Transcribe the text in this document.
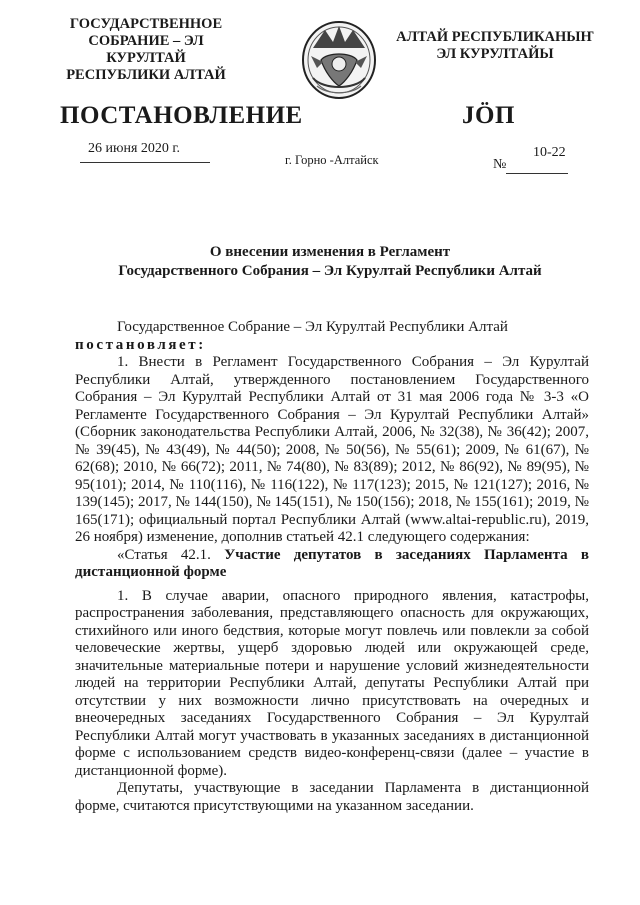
ГОСУДАРСТВЕННОЕ
СОБРАНИЕ – ЭЛ КУРУЛТАЙ
РЕСПУБЛИКИ АЛТАЙ
АЛТАЙ РЕСПУБЛИКАНЫҤ
ЭЛ КУРУЛТАЙЫ
ПОСТАНОВЛЕНИЕ	JӦП
26 июня 2020 г.
г. Горно -Алтайск	10-22
№
О внесении изменения в Регламент
Государственного Собрания – Эл Курултай Республики Алтай

Государственное Собрание – Эл Курултай Республики Алтай

постановляет:

1. Внести в Регламент Государственного Собрания – Эл Курултай Республики Алтай, утвержденного постановлением Государственного Собрания – Эл Курултай Республики Алтай от 31 мая 2006 года № 3-3 «О Регламенте Государственного Собрания – Эл Курултай Республики Алтай» (Сборник законодательства Республики Алтай, 2006, № 32(38), № 36(42); 2007, № 39(45), № 43(49), № 44(50); 2008, № 50(56), № 55(61); 2009, № 61(67), № 62(68); 2010, № 66(72); 2011, № 74(80), № 83(89); 2012, № 86(92), № 89(95), № 95(101); 2014, № 110(116), № 116(122), № 117(123); 2015, № 121(127); 2016, № 139(145); 2017, № 144(150), № 145(151), № 150(156); 2018, № 155(161); 2019, № 165(171); официальный портал Республики Алтай (www.altai-republic.ru), 2019, 26 ноября) изменение, дополнив статьей 42.1 следующего содержания:

«Статья 42.1. Участие депутатов в заседаниях Парламента в дистанционной форме

1. В случае аварии, опасного природного явления, катастрофы, распространения заболевания, представляющего опасность для окружающих, стихийного или иного бедствия, которые могут повлечь или повлекли за собой человеческие жертвы, ущерб здоровью людей или окружающей среде, значительные материальные потери и нарушение условий жизнедеятельности людей на территории Республики Алтай, депутаты Республики Алтай при отсутствии у них возможности лично присутствовать на очередных и внеочередных заседаниях Государственного Собрания – Эл Курултай Республики Алтай могут участвовать в указанных заседаниях в дистанционной форме с использованием средств видео-конференц-связи (далее – участие в дистанционной форме).

Депутаты, участвующие в заседании Парламента в дистанционной форме, считаются присутствующими на указанном заседании.
